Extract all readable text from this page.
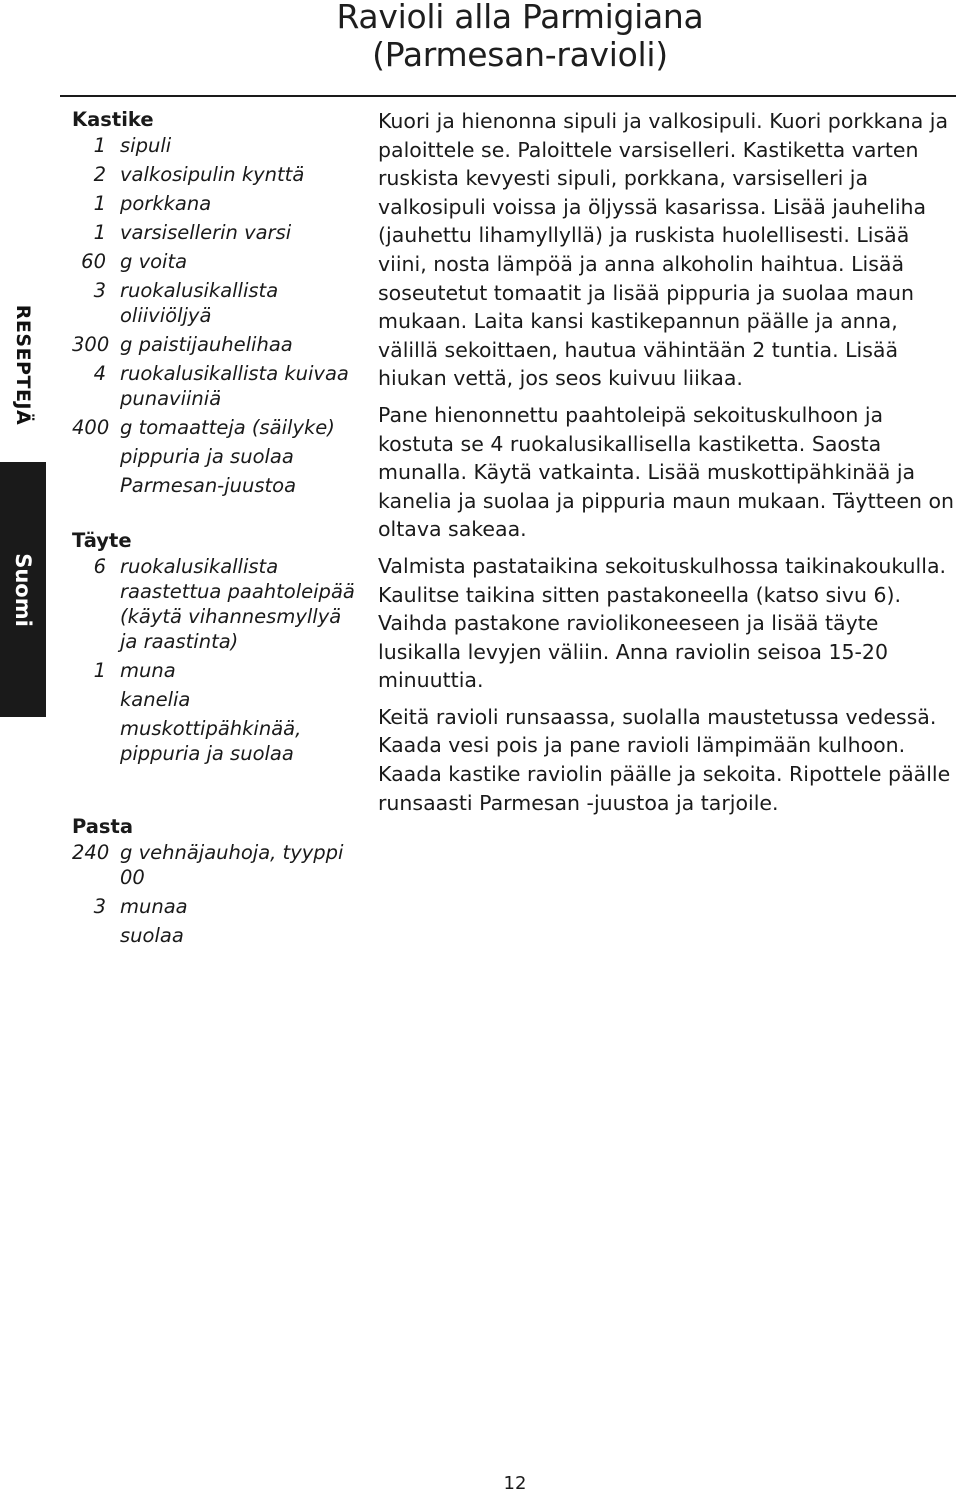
Ravioli alla Parmigiana
(Parmesan-ravioli)
RESEPTEJÄ
Suomi
Kastike
1 sipuli
2 valkosipulin kynttä
1 porkkana
1 varsisellerin varsi
60 g voita
3 ruokalusikallista oliiviöljyä
300 g paistijauhelihaa
4 ruokalusikallista kuivaa punaviiniä
400 g tomaatteja (säilyke)
pippuria ja suolaa
Parmesan-juustoa
Täyte
6 ruokalusikallista raastettua paahtoleipää (käytä vihannesmyllyä ja raastinta)
1 muna
kanelia
muskottipähkinää, pippuria ja suolaa
Pasta
240 g vehnäjauhoja, tyyppi 00
3 munaa
suolaa

Kuori ja hienonna sipuli ja valkosipuli. Kuori porkkana ja paloittele se. Paloittele varsiselleri. Kastiketta varten ruskista kevyesti sipuli, porkkana, varsiselleri ja valkosipuli voissa ja öljyssä kasarissa. Lisää jauheliha (jauhettu lihamyllyllä) ja ruskista huolellisesti. Lisää viini, nosta lämpöä ja anna alkoholin haihtua. Lisää soseutetut tomaatit ja lisää pippuria ja suolaa maun mukaan. Laita kansi kastikepannun päälle ja anna, välillä sekoittaen, hautua vähintään 2 tuntia. Lisää hiukan vettä, jos seos kuivuu liikaa.

Pane hienonnettu paahtoleipä sekoituskulhoon ja kostuta se 4 ruokalusikallisella kastiketta. Saosta munalla. Käytä vatkainta. Lisää muskottipähkinää ja kanelia ja suolaa ja pippuria maun mukaan. Täytteen on oltava sakeaa.

Valmista pastataikina sekoituskulhossa taikinakoukulla. Kaulitse taikina sitten pastakoneella (katso sivu 6). Vaihda pastakone raviolikoneeseen ja lisää täyte lusikalla levyjen väliin. Anna raviolin seisoa 15-20 minuuttia.

Keitä ravioli runsaassa, suolalla maustetussa vedessä. Kaada vesi pois ja pane ravioli lämpimään kulhoon. Kaada kastike raviolin päälle ja sekoita. Ripottele päälle runsaasti Parmesan -juustoa ja tarjoile.

12
